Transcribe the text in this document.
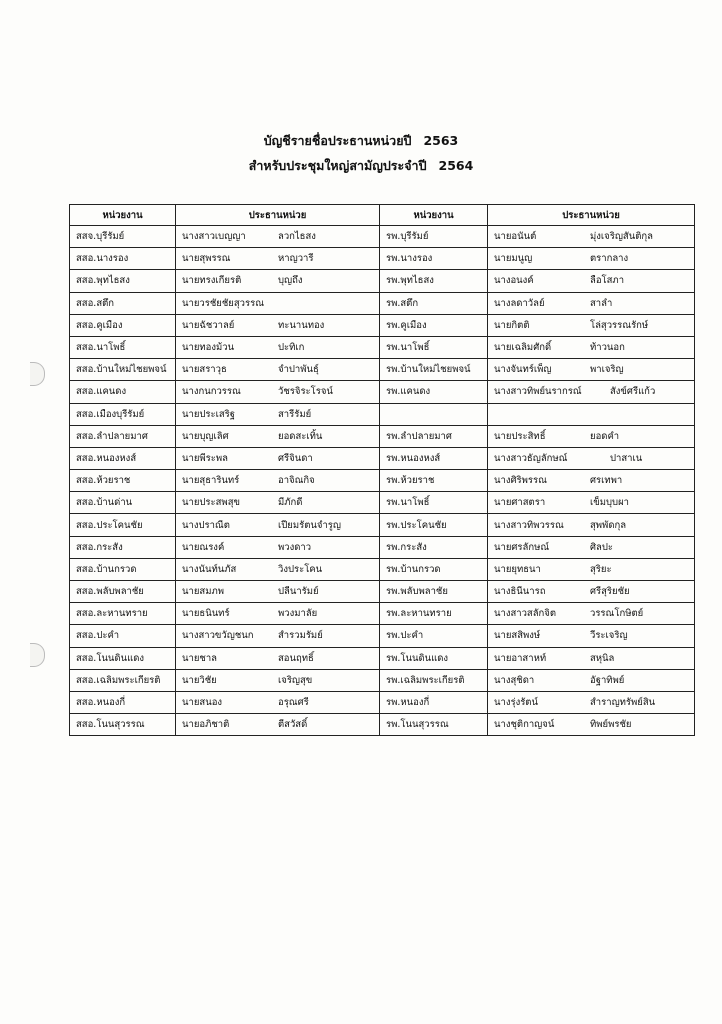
บัญชีรายชื่อประธานหน่วยปี 2563
สำหรับประชุมใหญ่สามัญประจำปี 2564
หน่วยงาน	ประธานหน่วย	หน่วยงาน	ประธานหน่วย
สสจ.บุรีรัมย์	นางสาวเบญญา ลวกไธสง	รพ.บุรีรัมย์	นายอนันต์ มุ่งเจริญสันติกุล
สสอ.นางรอง	นายสุพรรณ หาญวารี	รพ.นางรอง	นายมนูญ ตรากลาง
สสอ.พุทไธสง	นายทรงเกียรติ บุญถึง	รพ.พุทไธสง	นางอนงค์ ลือโสภา
สสอ.สตึก	นายวรชัยชัยสุวรรณ	รพ.สตึก	นางลดาวัลย์ สาลำ
สสอ.คูเมือง	นายฉัชวาลย์ ทะนานทอง	รพ.คูเมือง	นายกิตติ โล่สุวรรณรักษ์
สสอ.นาโพธิ์	นายทองม้วน ปะทิเก	รพ.นาโพธิ์	นายเฉลิมศักดิ์ ท้าวนอก
สสอ.บ้านใหม่ไชยพจน์	นายสราวุธ จำปาพันธุ์	รพ.บ้านใหม่ไชยพจน์	นางจันทร์เพ็ญ พาเจริญ
สสอ.แคนดง	นางกนกวรรณ วัชรจิระโรจน์	รพ.แคนดง	นางสาวทิพย์นรากรณ์ สังข์ศรีแก้ว
สสอ.เมืองบุรีรัมย์	นายประเสริฐ สารีรัมย์		
สสอ.ลำปลายมาศ	นายบุญเลิศ ยอดสะเทิ้น	รพ.ลำปลายมาศ	นายประสิทธิ์ ยอดคำ
สสอ.หนองหงส์	นายพีระพล ศรีจินดา	รพ.หนองหงส์	นางสาวธัญลักษณ์ ปาสาเน
สสอ.ห้วยราช	นายสุธารินทร์ อาจิณกิจ	รพ.ห้วยราช	นางศิริพรรณ ศรเทพา
สสอ.บ้านด่าน	นายประสพสุข มีภักดี	รพ.นาโพธิ์	นายศาสตรา เข็มบุบผา
สสอ.ประโคนชัย	นางปราณีต เปียมรัตนจำรูญ	รพ.ประโคนชัย	นางสาวทิพวรรณ สุพพัดกุล
สสอ.กระสัง	นายณรงค์ พวงดาว	รพ.กระสัง	นายศรลักษณ์ ศิลปะ
สสอ.บ้านกรวด	นางนันท์นภัส วิงประโคน	รพ.บ้านกรวด	นายยุทธนา สุริยะ
สสอ.พลับพลาชัย	นายสมภพ ปลีนารัมย์	รพ.พลับพลาชัย	นางธินีนารถ ศรีสุริยชัย
สสอ.ละหานทราย	นายธนินทร์ พวงมาลัย	รพ.ละหานทราย	นางสาวสลักจิต วรรณโกษิตย์
สสอ.ปะคำ	นางสาวขวัญชนก สำรวมรัมย์	รพ.ปะคำ	นายสสิพงษ์ วีระเจริญ
สสอ.โนนดินแดง	นายชาล สอนฤทธิ์	รพ.โนนดินแดง	นายอาสาหท์ สหุนิล
สสอ.เฉลิมพระเกียรติ	นายวิชัย เจริญสุข	รพ.เฉลิมพระเกียรติ	นางสุชิดา อัฐาทิพย์
สสอ.หนองกี่	นายสนอง อรุณศรี	รพ.หนองกี่	นางรุ่งรัตน์ สำราญทรัพย์สิน
สสอ.โนนสุวรรณ	นายอภิชาติ ตีสวัสดิ์	รพ.โนนสุวรรณ	นางชุติกาญจน์ ทิพย์พรชัย
